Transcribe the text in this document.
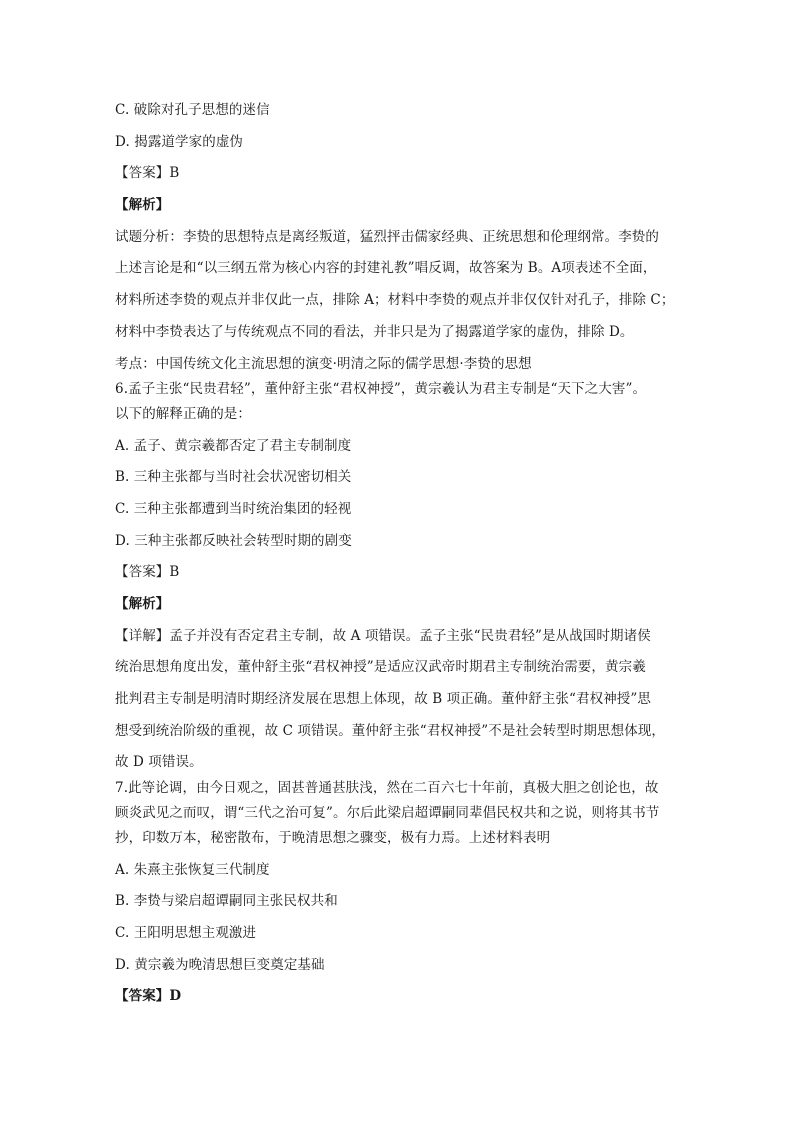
C. 破除对孔子思想的迷信
D. 揭露道学家的虚伪
【答案】B
【解析】
试题分析：李贽的思想特点是离经叛道，猛烈抨击儒家经典、正统思想和伦理纲常。李贽的
上述言论是和“以三纲五常为核心内容的封建礼教”唱反调，故答案为 B。A项表述不全面，
材料所述李贽的观点并非仅此一点，排除 A；材料中李贽的观点并非仅仅针对孔子，排除 C；
材料中李贽表达了与传统观点不同的看法，并非只是为了揭露道学家的虚伪，排除 D。
考点：中国传统文化主流思想的演变·明清之际的儒学思想·李贽的思想
6.孟子主张“民贵君轻”，董仲舒主张“君权神授”，黄宗羲认为君主专制是“天下之大害”。
以下的解释正确的是：
A. 孟子、黄宗羲都否定了君主专制制度
B. 三种主张都与当时社会状况密切相关
C. 三种主张都遭到当时统治集团的轻视
D. 三种主张都反映社会转型时期的剧变
【答案】B
【解析】
【详解】孟子并没有否定君主专制，故 A 项错误。孟子主张“民贵君轻”是从战国时期诸侯
统治思想角度出发，董仲舒主张“君权神授”是适应汉武帝时期君主专制统治需要，黄宗羲
批判君主专制是明清时期经济发展在思想上体现，故 B 项正确。董仲舒主张“君权神授”思
想受到统治阶级的重视，故 C 项错误。董仲舒主张“君权神授”不是社会转型时期思想体现，
故 D 项错误。
7.此等论调，由今日观之，固甚普通甚肤浅，然在二百六七十年前，真极大胆之创论也，故
顾炎武见之而叹，谓“三代之治可复”。尔后此梁启超谭嗣同辈倡民权共和之说，则将其书节
抄，印数万本，秘密散布，于晚清思想之骤变，极有力焉。上述材料表明
A. 朱熹主张恢复三代制度
B. 李贽与梁启超谭嗣同主张民权共和
C. 王阳明思想主观激进
D. 黄宗羲为晚清思想巨变奠定基础
【答案】D
